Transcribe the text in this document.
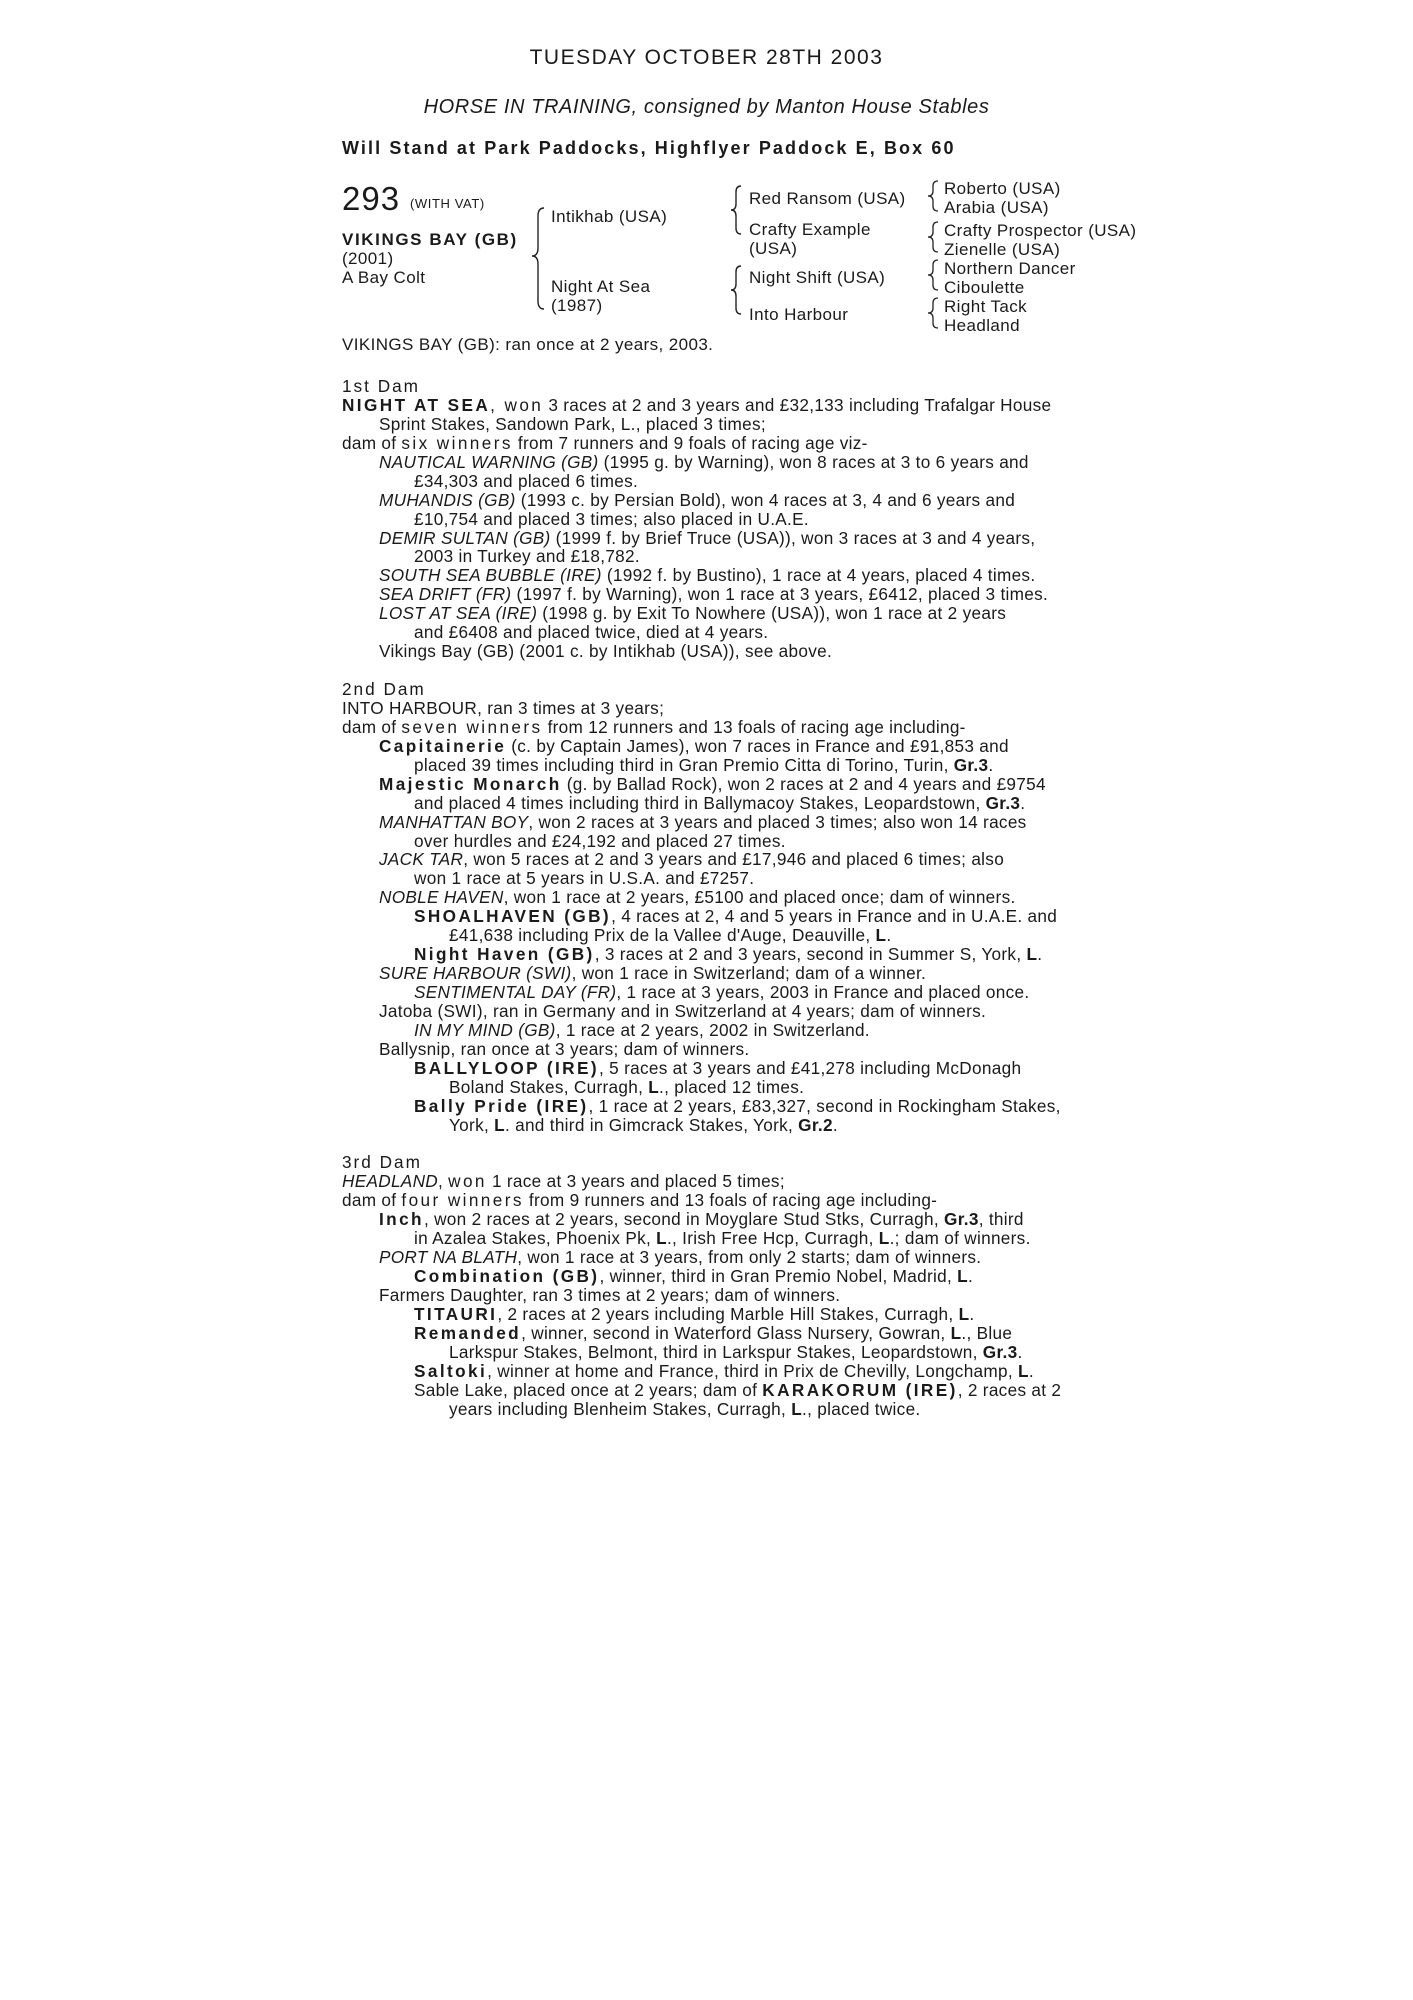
TUESDAY OCTOBER 28TH 2003
HORSE IN TRAINING, consigned by Manton House Stables
Will Stand at Park Paddocks, Highflyer Paddock E, Box 60
293 (WITH VAT)
VIKINGS BAY (GB)
(2001)
A Bay Colt
Intikhab (USA)
Night At Sea
(1987)
Red Ransom (USA)
Crafty Example
(USA)
Night Shift (USA)
Into Harbour
Roberto (USA)
Arabia (USA)
Crafty Prospector (USA)
Zienelle (USA)
Northern Dancer
Ciboulette
Right Tack
Headland
VIKINGS BAY (GB): ran once at 2 years, 2003.
1st Dam
NIGHT AT SEA, won 3 races at 2 and 3 years and £32,133 including Trafalgar House
Sprint Stakes, Sandown Park, L., placed 3 times;
dam of six winners from 7 runners and 9 foals of racing age viz-
NAUTICAL WARNING (GB) (1995 g. by Warning), won 8 races at 3 to 6 years and
£34,303 and placed 6 times.
MUHANDIS (GB) (1993 c. by Persian Bold), won 4 races at 3, 4 and 6 years and
£10,754 and placed 3 times; also placed in U.A.E.
DEMIR SULTAN (GB) (1999 f. by Brief Truce (USA)), won 3 races at 3 and 4 years,
2003 in Turkey and £18,782.
SOUTH SEA BUBBLE (IRE) (1992 f. by Bustino), 1 race at 4 years, placed 4 times.
SEA DRIFT (FR) (1997 f. by Warning), won 1 race at 3 years, £6412, placed 3 times.
LOST AT SEA (IRE) (1998 g. by Exit To Nowhere (USA)), won 1 race at 2 years
and £6408 and placed twice, died at 4 years.
Vikings Bay (GB) (2001 c. by Intikhab (USA)), see above.
2nd Dam
INTO HARBOUR, ran 3 times at 3 years;
dam of seven winners from 12 runners and 13 foals of racing age including-
Capitainerie (c. by Captain James), won 7 races in France and £91,853 and
placed 39 times including third in Gran Premio Citta di Torino, Turin, Gr.3.
Majestic Monarch (g. by Ballad Rock), won 2 races at 2 and 4 years and £9754
and placed 4 times including third in Ballymacoy Stakes, Leopardstown, Gr.3.
MANHATTAN BOY, won 2 races at 3 years and placed 3 times; also won 14 races
over hurdles and £24,192 and placed 27 times.
JACK TAR, won 5 races at 2 and 3 years and £17,946 and placed 6 times; also
won 1 race at 5 years in U.S.A. and £7257.
NOBLE HAVEN, won 1 race at 2 years, £5100 and placed once; dam of winners.
SHOALHAVEN (GB), 4 races at 2, 4 and 5 years in France and in U.A.E. and
£41,638 including Prix de la Vallee d'Auge, Deauville, L.
Night Haven (GB), 3 races at 2 and 3 years, second in Summer S, York, L.
SURE HARBOUR (SWI), won 1 race in Switzerland; dam of a winner.
SENTIMENTAL DAY (FR), 1 race at 3 years, 2003 in France and placed once.
Jatoba (SWI), ran in Germany and in Switzerland at 4 years; dam of winners.
IN MY MIND (GB), 1 race at 2 years, 2002 in Switzerland.
Ballysnip, ran once at 3 years; dam of winners.
BALLYLOOP (IRE), 5 races at 3 years and £41,278 including McDonagh
Boland Stakes, Curragh, L., placed 12 times.
Bally Pride (IRE), 1 race at 2 years, £83,327, second in Rockingham Stakes,
York, L. and third in Gimcrack Stakes, York, Gr.2.
3rd Dam
HEADLAND, won 1 race at 3 years and placed 5 times;
dam of four winners from 9 runners and 13 foals of racing age including-
Inch, won 2 races at 2 years, second in Moyglare Stud Stks, Curragh, Gr.3, third
in Azalea Stakes, Phoenix Pk, L., Irish Free Hcp, Curragh, L.; dam of winners.
PORT NA BLATH, won 1 race at 3 years, from only 2 starts; dam of winners.
Combination (GB), winner, third in Gran Premio Nobel, Madrid, L.
Farmers Daughter, ran 3 times at 2 years; dam of winners.
TITAURI, 2 races at 2 years including Marble Hill Stakes, Curragh, L.
Remanded, winner, second in Waterford Glass Nursery, Gowran, L., Blue
Larkspur Stakes, Belmont, third in Larkspur Stakes, Leopardstown, Gr.3.
Saltoki, winner at home and France, third in Prix de Chevilly, Longchamp, L.
Sable Lake, placed once at 2 years; dam of KARAKORUM (IRE), 2 races at 2
years including Blenheim Stakes, Curragh, L., placed twice.
